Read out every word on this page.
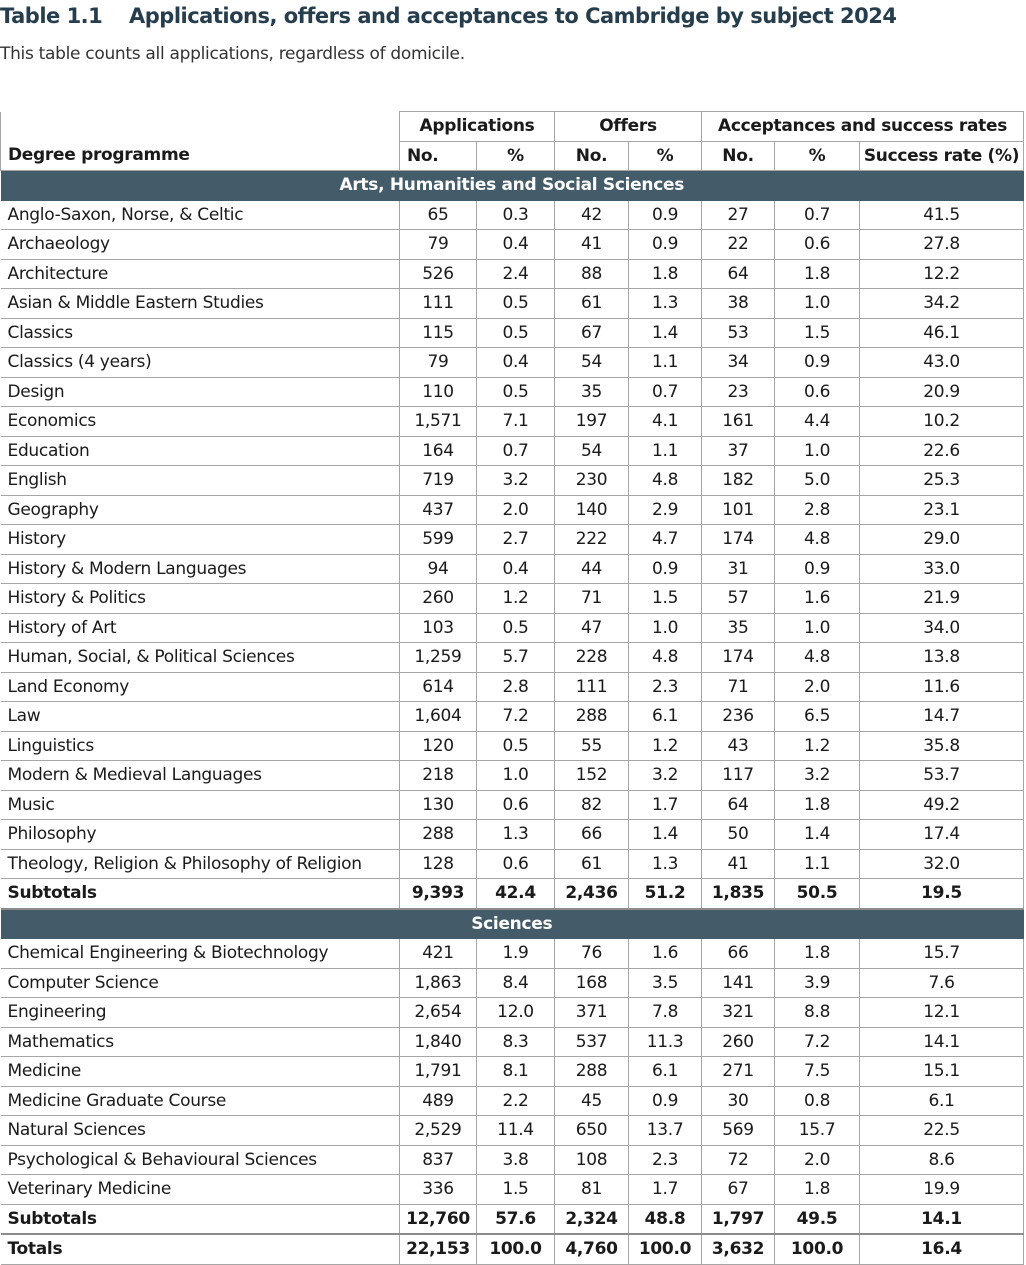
Table 1.1 Applications, offers and acceptances to Cambridge by subject 2024
This table counts all applications, regardless of domicile.
Degree programme	Applications		Offers		Acceptances and success rates		
	No.	%	No.	%	No.	%	Success rate (%)
Arts, Humanities and Social Sciences							
Anglo-Saxon, Norse, & Celtic	65	0.3	42	0.9	27	0.7	41.5
Archaeology	79	0.4	41	0.9	22	0.6	27.8
Architecture	526	2.4	88	1.8	64	1.8	12.2
Asian & Middle Eastern Studies	111	0.5	61	1.3	38	1.0	34.2
Classics	115	0.5	67	1.4	53	1.5	46.1
Classics (4 years)	79	0.4	54	1.1	34	0.9	43.0
Design	110	0.5	35	0.7	23	0.6	20.9
Economics	1,571	7.1	197	4.1	161	4.4	10.2
Education	164	0.7	54	1.1	37	1.0	22.6
English	719	3.2	230	4.8	182	5.0	25.3
Geography	437	2.0	140	2.9	101	2.8	23.1
History	599	2.7	222	4.7	174	4.8	29.0
History & Modern Languages	94	0.4	44	0.9	31	0.9	33.0
History & Politics	260	1.2	71	1.5	57	1.6	21.9
History of Art	103	0.5	47	1.0	35	1.0	34.0
Human, Social, & Political Sciences	1,259	5.7	228	4.8	174	4.8	13.8
Land Economy	614	2.8	111	2.3	71	2.0	11.6
Law	1,604	7.2	288	6.1	236	6.5	14.7
Linguistics	120	0.5	55	1.2	43	1.2	35.8
Modern & Medieval Languages	218	1.0	152	3.2	117	3.2	53.7
Music	130	0.6	82	1.7	64	1.8	49.2
Philosophy	288	1.3	66	1.4	50	1.4	17.4
Theology, Religion & Philosophy of Religion	128	0.6	61	1.3	41	1.1	32.0
Subtotals	9,393	42.4	2,436	51.2	1,835	50.5	19.5
Sciences							
Chemical Engineering & Biotechnology	421	1.9	76	1.6	66	1.8	15.7
Computer Science	1,863	8.4	168	3.5	141	3.9	7.6
Engineering	2,654	12.0	371	7.8	321	8.8	12.1
Mathematics	1,840	8.3	537	11.3	260	7.2	14.1
Medicine	1,791	8.1	288	6.1	271	7.5	15.1
Medicine Graduate Course	489	2.2	45	0.9	30	0.8	6.1
Natural Sciences	2,529	11.4	650	13.7	569	15.7	22.5
Psychological & Behavioural Sciences	837	3.8	108	2.3	72	2.0	8.6
Veterinary Medicine	336	1.5	81	1.7	67	1.8	19.9
Subtotals	12,760	57.6	2,324	48.8	1,797	49.5	14.1
Totals	22,153	100.0	4,760	100.0	3,632	100.0	16.4
